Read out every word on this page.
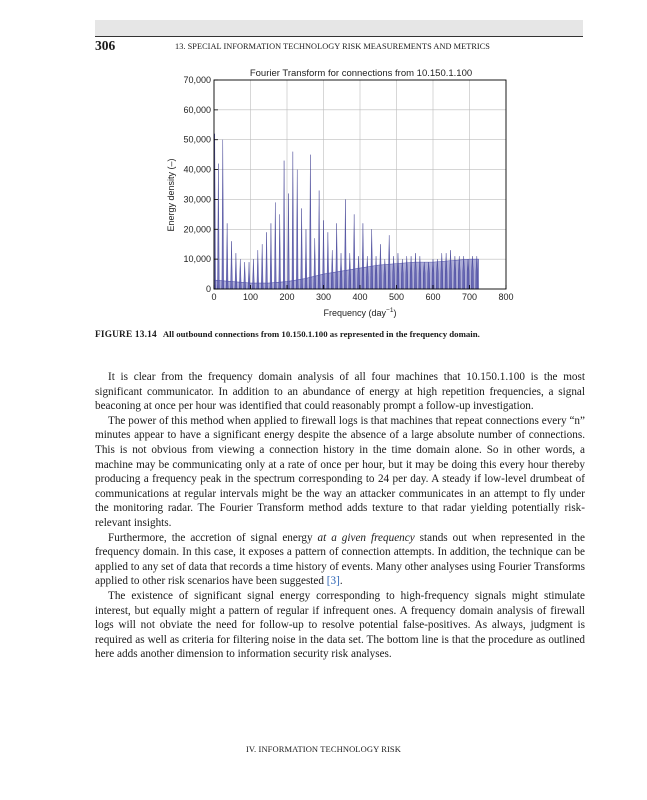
306	13. SPECIAL INFORMATION TECHNOLOGY RISK MEASUREMENTS AND METRICS
Fourier Transform for connections from 10.150.1.100
0
10,000
20,000
30,000
40,000
50,000
60,000
70,000
0	100 200 300 400 500 600 700 800
Frequency (day$^{-1}$)
Energy density (–)
FIGURE 13.14 All outbound connections from 10.150.1.100 as represented in the frequency domain.

It is clear from the frequency domain analysis of all four machines that 10.150.1.100 is the most significant communicator. In addition to an abundance of energy at high repetition frequencies, a signal beaconing at once per hour was identified that could reasonably prompt a follow-up investigation.

The power of this method when applied to firewall logs is that machines that repeat connections every “n” minutes appear to have a significant energy despite the absence of a large absolute number of connections. This is not obvious from viewing a connection history in the time domain alone. So in other words, a machine may be communicating only at a rate of once per hour, but it may be doing this every hour thereby producing a frequency peak in the spectrum corresponding to 24 per day. A steady if low-level drumbeat of communications at regular intervals might be the way an attacker communicates in an attempt to fly under the monitoring radar. The Fourier Transform method adds texture to that radar yielding potentially risk-relevant insights.

Furthermore, the accretion of signal energy at a given frequency stands out when represented in the frequency domain. In this case, it exposes a pattern of connection attempts. In addition, the technique can be applied to any set of data that records a time history of events. Many other analyses using Fourier Transforms applied to other risk scenarios have been suggested [3].

The existence of significant signal energy corresponding to high-frequency signals might stimulate interest, but equally might a pattern of regular if infrequent ones. A frequency domain analysis of firewall logs will not obviate the need for follow-up to resolve potential false-positives. As always, judgment is required as well as criteria for filtering noise in the data set. The bottom line is that the procedure as outlined here adds another dimension to information security risk analyses.

IV. INFORMATION TECHNOLOGY RISK
